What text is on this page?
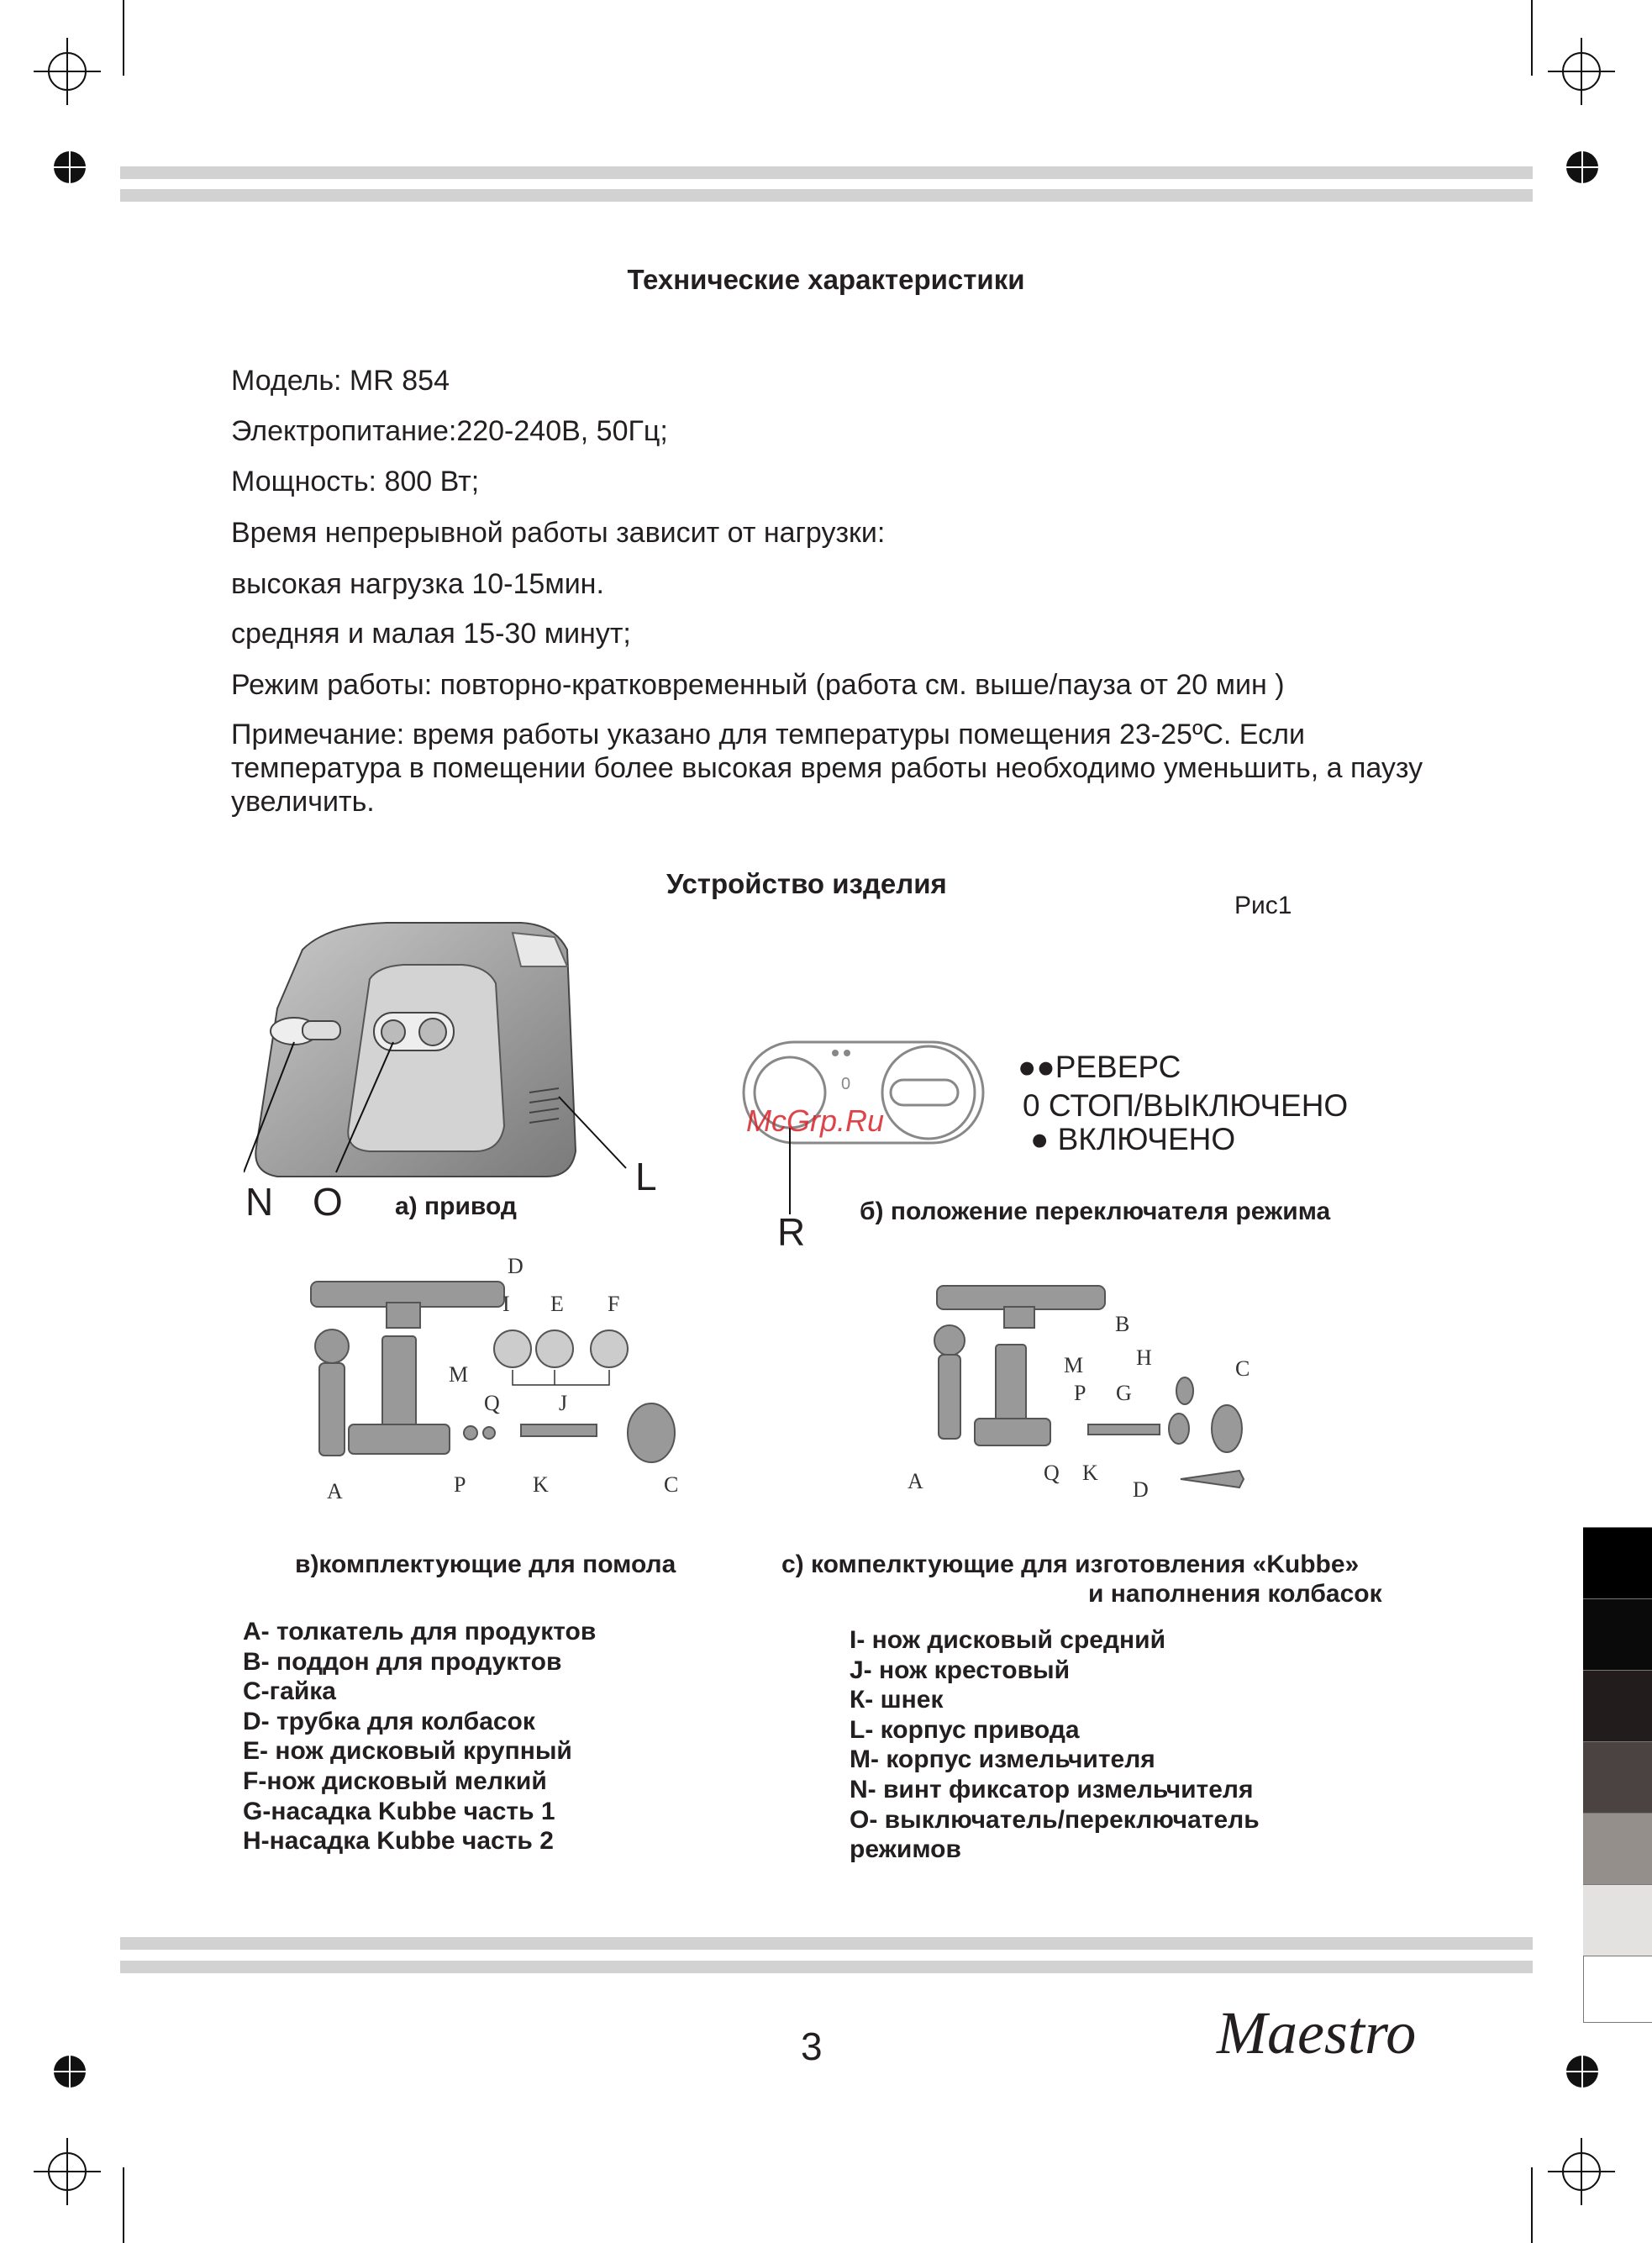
Технические характеристики
Модель: MR 854
Электропитание:220-240В, 50Гц;
Мощность: 800 Вт;
Время непрерывной работы зависит от нагрузки:
высокая нагрузка 10-15мин.
средняя и малая 15-30 минут;
Режим работы: повторно-кратковременный (работа см. выше/пауза от 20 мин )
Примечание: время работы указано для температуры помещения 23-25ºС. Если температура в помещении более высокая время работы необходимо уменьшить, а паузу увеличить.
Устройство изделия
Рис1
N O
L
а) привод
0
McGrp.Ru
R
●●РЕВЕРС
0 СТОП/ВЫКЛЮЧЕНО
● ВКЛЮЧЕНО
б) положение переключателя режима
D
I E F
M
Q	J
A	P	K	C
в)комплектующие для помола
B
H
M	C
P G
A	Q K
D
с) компелктующие для изготовления «Kubbe»
и наполнения колбасок
А- толкатель для продуктов
В- поддон для продуктов
С-гайка
D- трубка для колбасок
Е- нож дисковый крупный
F-нож дисковый мелкий
G-насадка Kubbe часть 1
Н-насадка Kubbe часть 2
I- нож дисковый средний
J- нож крестовый
К- шнек
L- корпус привода
М- корпус измельчителя
N- винт фиксатор измельчителя
О- выключатель/переключатель
режимов
3	Maestro
